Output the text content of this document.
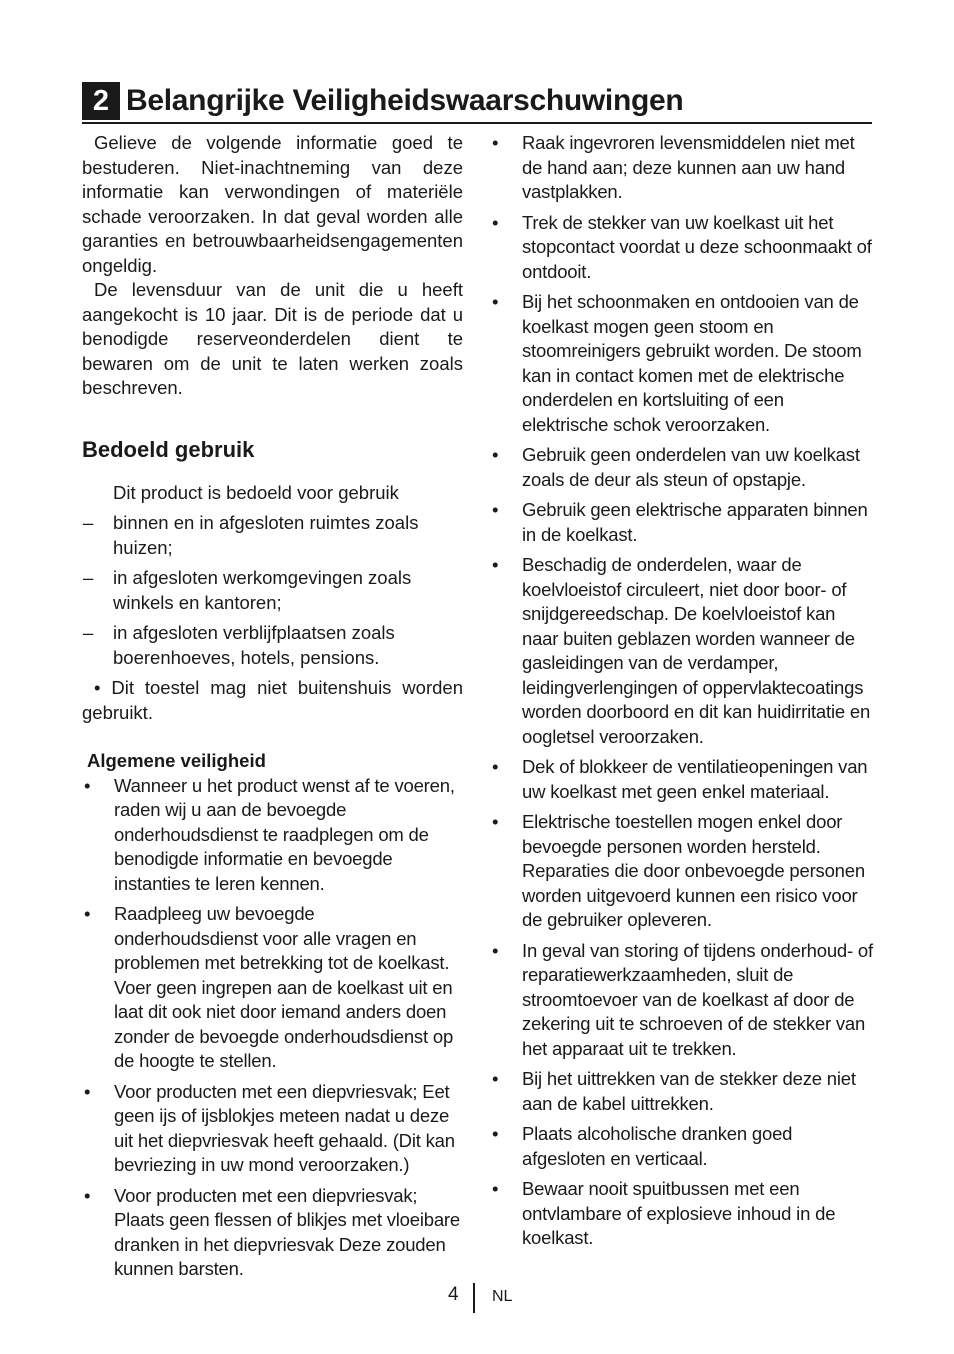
2 Belangrijke Veiligheidswaarschuwingen

Gelieve de volgende informatie goed te bestuderen. Niet-inachtneming van deze informatie kan verwondingen of materiële schade veroorzaken. In dat geval worden alle garanties en betrouwbaarheidsengagementen ongeldig.

De levensduur van de unit die u heeft aangekocht is 10 jaar. Dit is de periode dat u benodigde reserveonderdelen dient te bewaren om de unit te laten werken zoals beschreven.

Bedoeld gebruik
Dit product is bedoeld voor gebruik
– binnen en in afgesloten ruimtes zoals huizen;
– in afgesloten werkomgevingen zoals winkels en kantoren;
– in afgesloten verblijfplaatsen zoals boerenhoeves, hotels, pensions.

• Dit toestel mag niet buitenshuis worden gebruikt.

Algemene veiligheid
• Wanneer u het product wenst af te voeren, raden wij u aan de bevoegde onderhoudsdienst te raadplegen om de benodigde informatie en bevoegde instanties te leren kennen.
• Raadpleeg uw bevoegde onderhoudsdienst voor alle vragen en problemen met betrekking tot de koelkast. Voer geen ingrepen aan de koelkast uit en laat dit ook niet door iemand anders doen zonder de bevoegde onderhoudsdienst op de hoogte te stellen.
• Voor producten met een diepvriesvak; Eet geen ijs of ijsblokjes meteen nadat u deze uit het diepvriesvak heeft gehaald. (Dit kan bevriezing in uw mond veroorzaken.)
• Voor producten met een diepvriesvak; Plaats geen flessen of blikjes met vloeibare dranken in het diepvriesvak Deze zouden kunnen barsten.
• Raak ingevroren levensmiddelen niet met de hand aan; deze kunnen aan uw hand vastplakken.
• Trek de stekker van uw koelkast uit het stopcontact voordat u deze schoonmaakt of ontdooit.
• Bij het schoonmaken en ontdooien van de koelkast mogen geen stoom en stoomreinigers gebruikt worden. De stoom kan in contact komen met de elektrische onderdelen en kortsluiting of een elektrische schok veroorzaken.
• Gebruik geen onderdelen van uw koelkast zoals de deur als steun of opstapje.
• Gebruik geen elektrische apparaten binnen in de koelkast.
• Beschadig de onderdelen, waar de koelvloeistof circuleert, niet door boor- of snijdgereedschap. De koelvloeistof kan naar buiten geblazen worden wanneer de gasleidingen van de verdamper, leidingverlengingen of oppervlaktecoatings worden doorboord en dit kan huidirritatie en oogletsel veroorzaken.
• Dek of blokkeer de ventilatieopeningen van uw koelkast met geen enkel materiaal.
• Elektrische toestellen mogen enkel door bevoegde personen worden hersteld. Reparaties die door onbevoegde personen worden uitgevoerd kunnen een risico voor de gebruiker opleveren.
• In geval van storing of tijdens onderhoud- of reparatiewerkzaamheden, sluit de stroomtoevoer van de koelkast af door de zekering uit te schroeven of de stekker van het apparaat uit te trekken.
• Bij het uittrekken van de stekker deze niet aan de kabel uittrekken.
• Plaats alcoholische dranken goed afgesloten en verticaal.
• Bewaar nooit spuitbussen met een ontvlambare of explosieve inhoud in de koelkast.
4 NL
